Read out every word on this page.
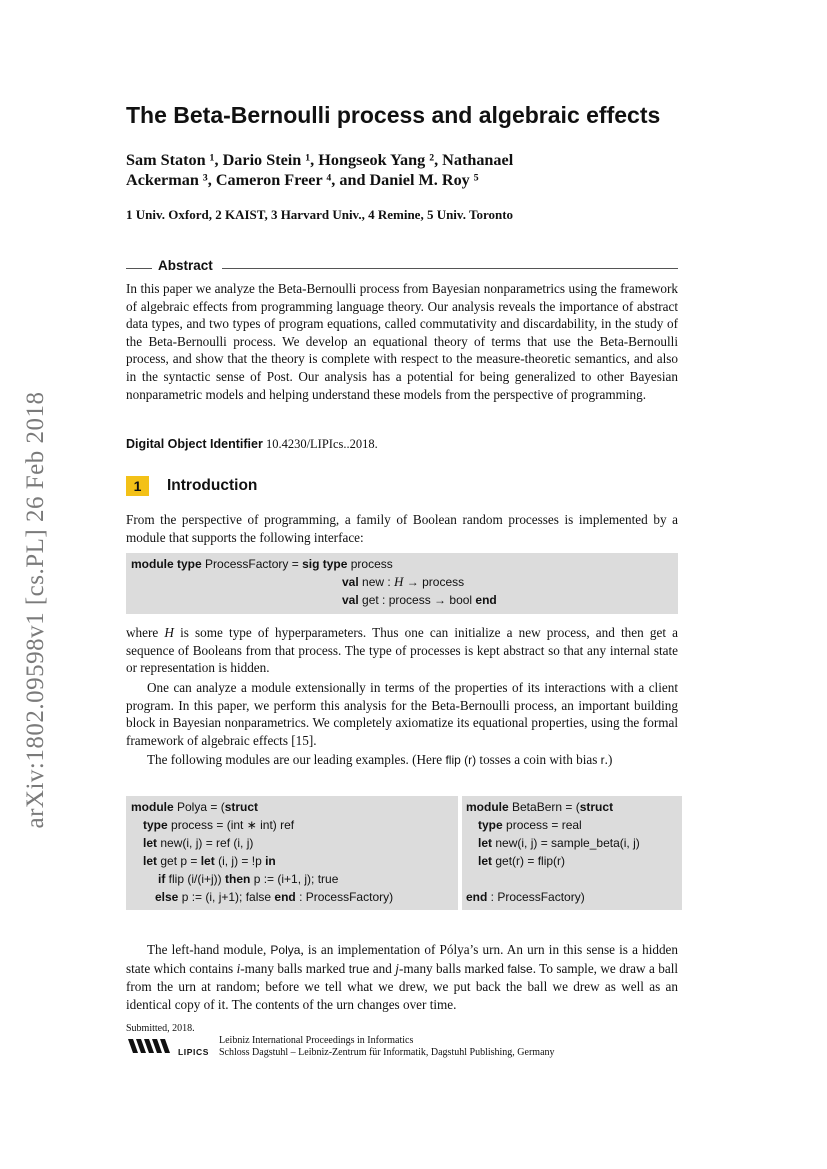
arXiv:1802.09598v1 [cs.PL] 26 Feb 2018
The Beta-Bernoulli process and algebraic effects
Sam Staton ¹, Dario Stein ¹, Hongseok Yang ², Nathanael
Ackerman ³, Cameron Freer ⁴, and Daniel M. Roy ⁵
1 Univ. Oxford, 2 KAIST, 3 Harvard Univ., 4 Remine, 5 Univ. Toronto
Abstract

In this paper we analyze the Beta-Bernoulli process from Bayesian nonparametrics using the framework of algebraic effects from programming language theory. Our analysis reveals the importance of abstract data types, and two types of program equations, called commutativity and discardability, in the study of the Beta-Bernoulli process. We develop an equational theory of terms that use the Beta-Bernoulli process, and show that the theory is complete with respect to the measure-theoretic semantics, and also in the syntactic sense of Post. Our analysis has a potential for being generalized to other Bayesian nonparametric models and helping understand these models from the perspective of programming.

Digital Object Identifier 10.4230/LIPIcs..2018.
1	Introduction

From the perspective of programming, a family of Boolean random processes is implemented by a module that supports the following interface:

module type ProcessFactory = sig type process
val new : H → process
val get : process → bool end

where H is some type of hyperparameters. Thus one can initialize a new process, and then get a sequence of Booleans from that process. The type of processes is kept abstract so that any internal state or representation is hidden.

One can analyze a module extensionally in terms of the properties of its interactions with a client program. In this paper, we perform this analysis for the Beta-Bernoulli process, an important building block in Bayesian nonparametrics. We completely axiomatize its equational properties, using the formal framework of algebraic effects [15].

The following modules are our leading examples. (Here flip (r) tosses a coin with bias r.)

module Polya = (struct
type process = (int ∗ int) ref
let new(i, j) = ref (i, j)
let get p = let (i, j) = !p in
if flip (i/(i+j)) then p := (i+1, j); true
else p := (i, j+1); false end : ProcessFactory)
module BetaBern = (struct
type process = real
let new(i, j) = sample_beta(i, j)
let get(r) = flip(r)
end : ProcessFactory)

The left-hand module, Polya, is an implementation of Pólya’s urn. An urn in this sense is a hidden state which contains i-many balls marked true and j-many balls marked false. To sample, we draw a ball from the urn at random; before we tell what we drew, we put back the ball we drew as well as an identical copy of it. The contents of the urn changes over time.

Submitted, 2018.
LIPICS
Leibniz International Proceedings in Informatics
Schloss Dagstuhl – Leibniz-Zentrum für Informatik, Dagstuhl Publishing, Germany
